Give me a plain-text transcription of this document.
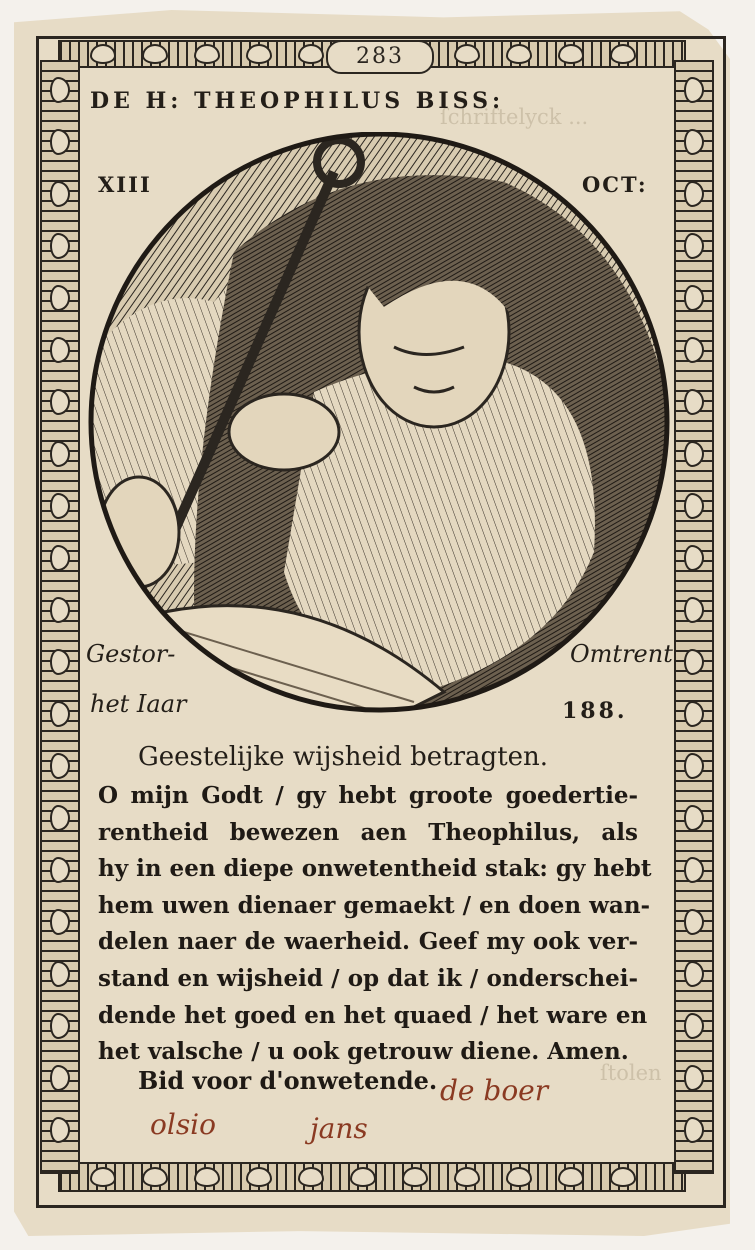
ſchriftelyck ...
ſtolen
283
DE H: THEOPHILUS BISS:
XIII	OCT:
Gestor-	Omtrent
het Iaar	188.
Geestelijke wijsheid betragten.
O mijn Godt / gy hebt groote goedertie-
rentheid bewezen aen Theophilus, als
hy in een diepe onwetentheid stak: gy hebt
hem uwen dienaer gemaekt / en doen wan-
delen naer de waerheid. Geef my ook ver-
stand en wijsheid / op dat ik / onderschei-
dende het goed en het quaed / het ware en
het valsche / u ook getrouw diene. Amen.
Bid voor d'onwetende. de boer
olsio	jans
